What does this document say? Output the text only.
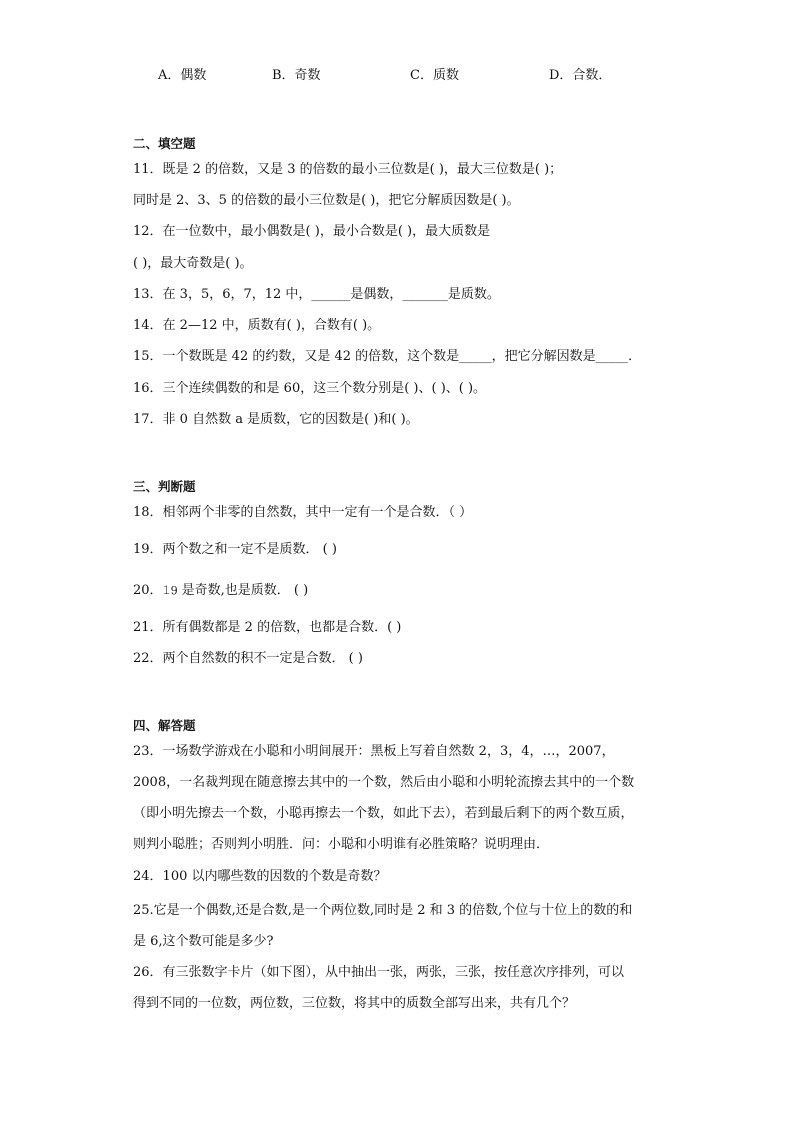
A．偶数	B．奇数	C．质数	D．合数．
二、填空题
11．既是 2 的倍数，又是 3 的倍数的最小三位数是( )，最大三位数是( )；
同时是 2、3、5 的倍数的最小三位数是( )，把它分解质因数是( )。
12．在一位数中，最小偶数是( )，最小合数是( )，最大质数是
( )，最大奇数是( )。
13．在 3，5，6，7，12 中，______是偶数，_______是质数。
14．在 2—12 中，质数有( )，合数有( )。
15．一个数既是 42 的约数，又是 42 的倍数，这个数是_____，把它分解因数是_____．
16．三个连续偶数的和是 60，这三个数分别是( )、( )、( )。
17．非 0 自然数 a 是质数，它的因数是( )和( )。
三、判断题
18．相邻两个非零的自然数，其中一定有一个是合数．（ ）
19．两个数之和一定不是质数． ( )
20．𝟷𝟫 是奇数,也是质数． ( )
21．所有偶数都是 2 的倍数，也都是合数．( )
22．两个自然数的积不一定是合数． ( )
四、解答题
23．一场数学游戏在小聪和小明间展开：黑板上写着自然数 2，3，4，…，2007，
2008，一名裁判现在随意擦去其中的一个数，然后由小聪和小明轮流擦去其中的一个数
（即小明先擦去一个数，小聪再擦去一个数，如此下去），若到最后剩下的两个数互质，
则判小聪胜；否则判小明胜．问：小聪和小明谁有必胜策略？说明理由．
24．100 以内哪些数的因数的个数是奇数？
25.它是一个偶数,还是合数,是一个两位数,同时是 2 和 3 的倍数,个位与十位上的数的和
是 6,这个数可能是多少?
26．有三张数字卡片（如下图），从中抽出一张，两张，三张，按任意次序排列，可以
得到不同的一位数，两位数，三位数，将其中的质数全部写出来，共有几个？
